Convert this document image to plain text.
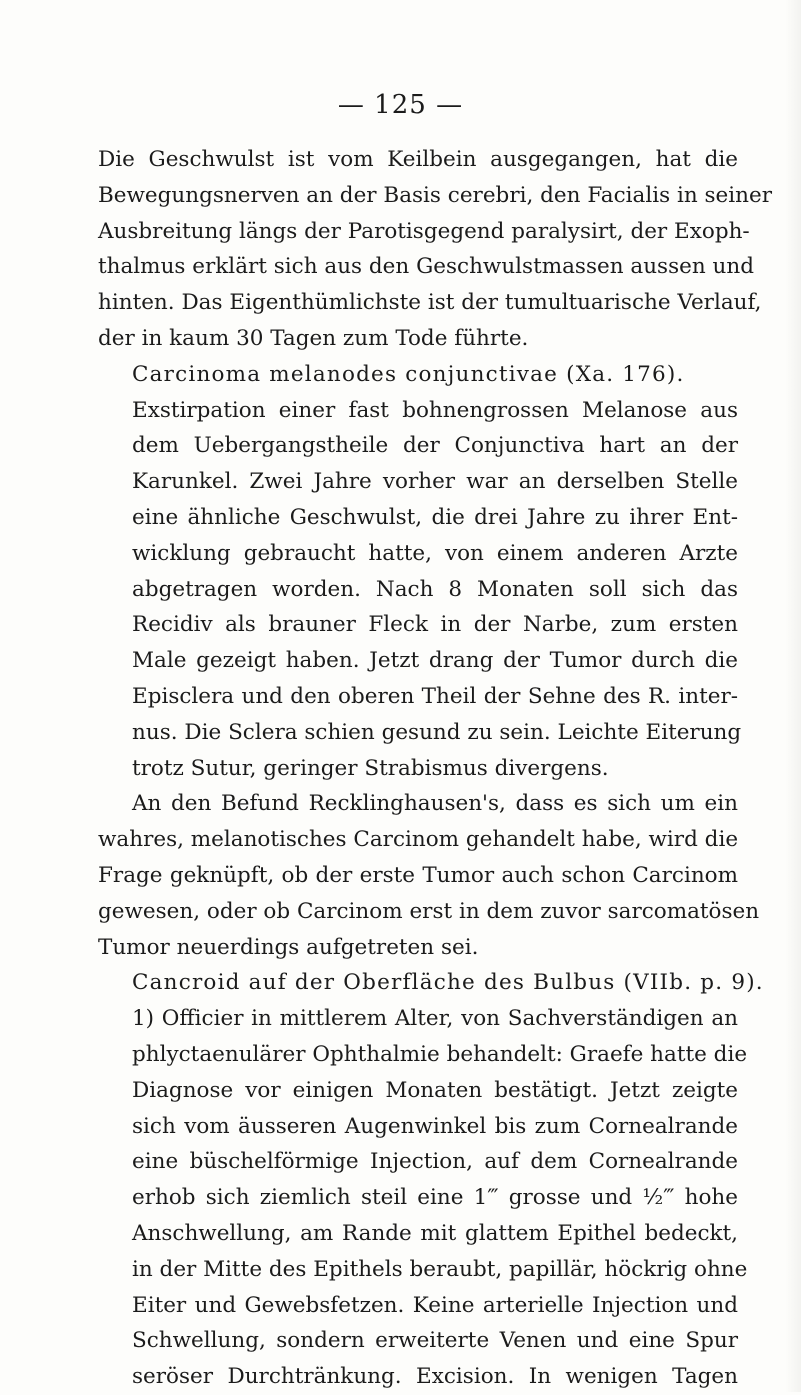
— 125 —
Die Geschwulst ist vom Keilbein ausgegangen, hat die
Bewegungsnerven an der Basis cerebri, den Facialis in seiner
Ausbreitung längs der Parotisgegend paralysirt, der Exoph-
thalmus erklärt sich aus den Geschwulstmassen aussen und
hinten. Das Eigenthümlichste ist der tumultuarische Verlauf,
der in kaum 30 Tagen zum Tode führte.
Carcinoma melanodes conjunctivae (Xa. 176).
Exstirpation einer fast bohnengrossen Melanose aus
dem Uebergangstheile der Conjunctiva hart an der
Karunkel. Zwei Jahre vorher war an derselben Stelle
eine ähnliche Geschwulst, die drei Jahre zu ihrer Ent-
wicklung gebraucht hatte, von einem anderen Arzte
abgetragen worden. Nach 8 Monaten soll sich das
Recidiv als brauner Fleck in der Narbe, zum ersten
Male gezeigt haben. Jetzt drang der Tumor durch die
Episclera und den oberen Theil der Sehne des R. inter-
nus. Die Sclera schien gesund zu sein. Leichte Eiterung
trotz Sutur, geringer Strabismus divergens.
An den Befund Recklinghausen's, dass es sich um ein
wahres, melanotisches Carcinom gehandelt habe, wird die
Frage geknüpft, ob der erste Tumor auch schon Carcinom
gewesen, oder ob Carcinom erst in dem zuvor sarcomatösen
Tumor neuerdings aufgetreten sei.
Cancroid auf der Oberfläche des Bulbus (VIIb. p. 9).
1) Officier in mittlerem Alter, von Sachverständigen an
phlyctaenulärer Ophthalmie behandelt: Graefe hatte die
Diagnose vor einigen Monaten bestätigt. Jetzt zeigte
sich vom äusseren Augenwinkel bis zum Cornealrande
eine büschelförmige Injection, auf dem Cornealrande
erhob sich ziemlich steil eine 1‴ grosse und ½‴ hohe
Anschwellung, am Rande mit glattem Epithel bedeckt,
in der Mitte des Epithels beraubt, papillär, höckrig ohne
Eiter und Gewebsfetzen. Keine arterielle Injection und
Schwellung, sondern erweiterte Venen und eine Spur
seröser Durchtränkung. Excision. In wenigen Tagen
